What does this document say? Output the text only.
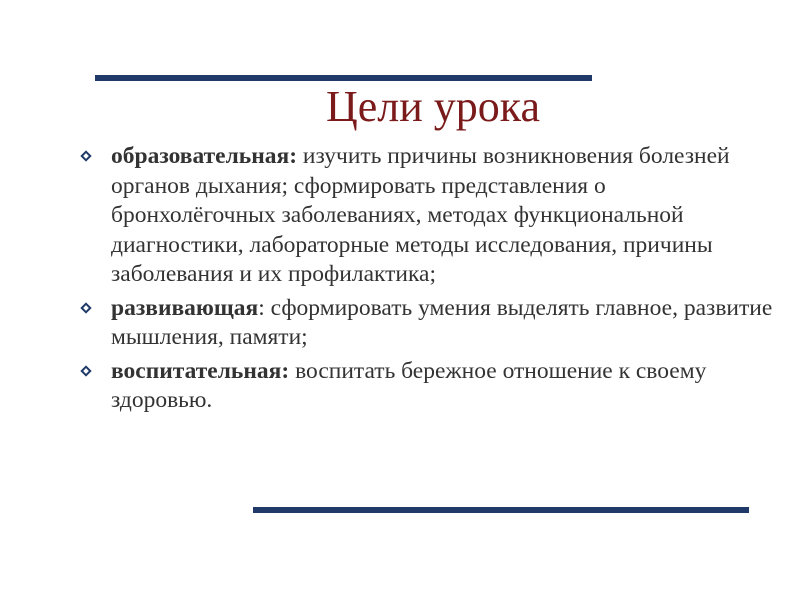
Цели урока
образовательная: изучить причины возникновения болезней органов дыхания; сформировать представления о бронхолёгочных заболеваниях, методах функциональной диагностики, лабораторные методы исследования, причины заболевания и их профилактика;
развивающая: сформировать умения выделять главное, развитие мышления, памяти;
воспитательная: воспитать бережное отношение к своему здоровью.
